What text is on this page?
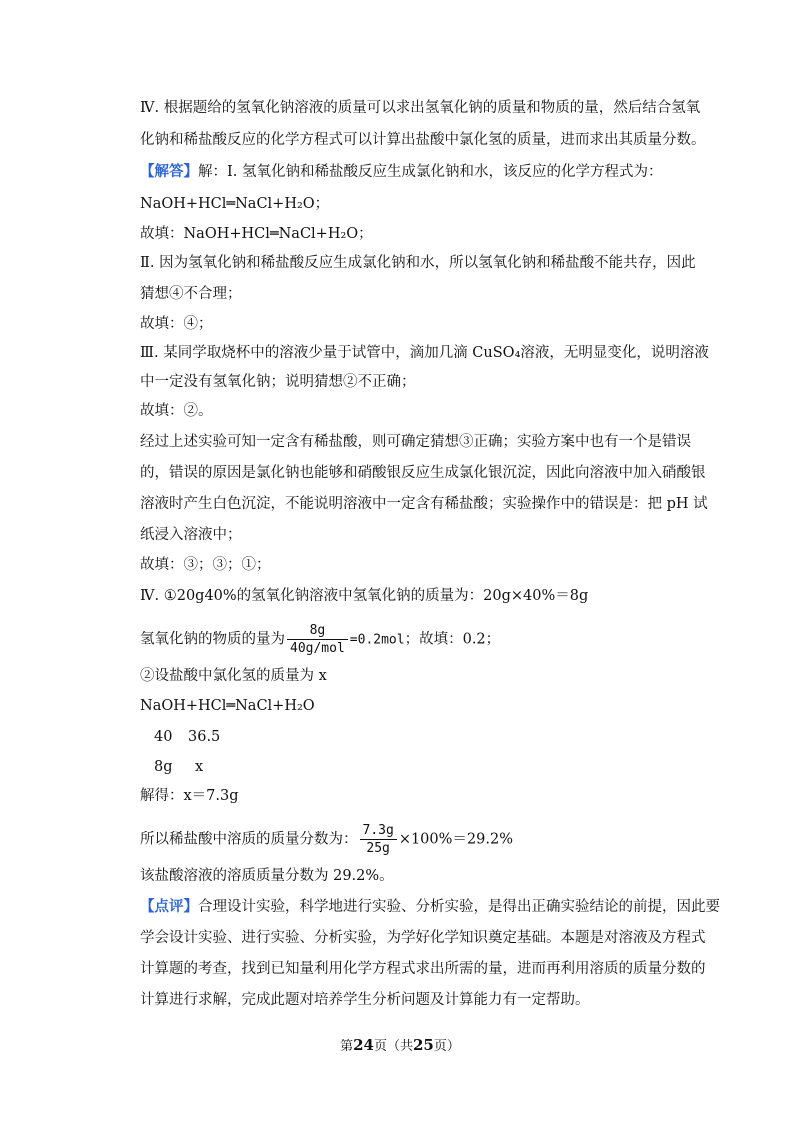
Ⅳ. 根据题给的氢氧化钠溶液的质量可以求出氢氧化钠的质量和物质的量，然后结合氢氧
化钠和稀盐酸反应的化学方程式可以计算出盐酸中氯化氢的质量，进而求出其质量分数。
【解答】解：Ⅰ. 氢氧化钠和稀盐酸反应生成氯化钠和水，该反应的化学方程式为：
NaOH+HCl═NaCl+H₂O；
故填：NaOH+HCl═NaCl+H₂O；
Ⅱ. 因为氢氧化钠和稀盐酸反应生成氯化钠和水，所以氢氧化钠和稀盐酸不能共存，因此
猜想④不合理；
故填：④；
Ⅲ. 某同学取烧杯中的溶液少量于试管中，滴加几滴 CuSO₄溶液，无明显变化，说明溶液
中一定没有氢氧化钠；说明猜想②不正确；
故填：②。
经过上述实验可知一定含有稀盐酸，则可确定猜想③正确；实验方案中也有一个是错误
的，错误的原因是氯化钠也能够和硝酸银反应生成氯化银沉淀，因此向溶液中加入硝酸银
溶液时产生白色沉淀，不能说明溶液中一定含有稀盐酸；实验操作中的错误是：把 pH 试
纸浸入溶液中；
故填：③；③；①；
Ⅳ. ①20g40%的氢氧化钠溶液中氢氧化钠的质量为：20g×40%＝8g
氢氧化钠的物质的量为 $\frac{8g}{\text{40g/mol}} =0.2mol$；故填：0.2；
②设盐酸中氯化氢的质量为 x
NaOH+HCl═NaCl+H₂O
40 36.5
8g x
解得：x＝7.3g
所以稀盐酸中溶质的质量分数为： $\frac{7.3g}{25g} \times 100\%=29.2\%$
该盐酸溶液的溶质质量分数为 29.2%。
【点评】合理设计实验，科学地进行实验、分析实验，是得出正确实验结论的前提，因此要
学会设计实验、进行实验、分析实验，为学好化学知识奠定基础。本题是对溶液及方程式
计算题的考查，找到已知量利用化学方程式求出所需的量，进而再利用溶质的质量分数的
计算进行求解，完成此题对培养学生分析问题及计算能力有一定帮助。
第24页（共25页）
